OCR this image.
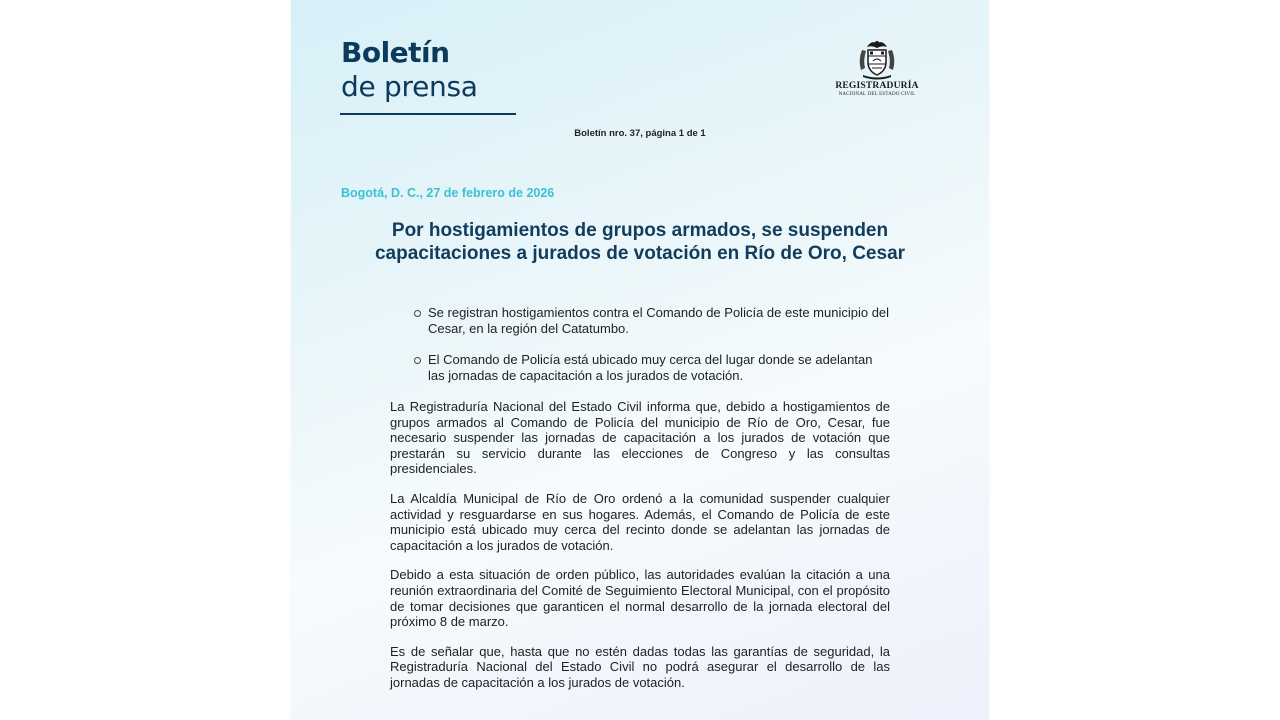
Boletín
de prensa	REGISTRADURÍA
NACIONAL DEL ESTADO CIVIL
Boletín nro. 37, página 1 de 1
Bogotá, D. C., 27 de febrero de 2026
Por hostigamientos de grupos armados, se suspenden capacitaciones a jurados de votación en Río de Oro, Cesar
Se registran hostigamientos contra el Comando de Policía de este municipio del Cesar, en la región del Catatumbo.
El Comando de Policía está ubicado muy cerca del lugar donde se adelantan las jornadas de capacitación a los jurados de votación.

La Registraduría Nacional del Estado Civil informa que, debido a hostigamientos de grupos armados al Comando de Policía del municipio de Río de Oro, Cesar, fue necesario suspender las jornadas de capacitación a los jurados de votación que prestarán su servicio durante las elecciones de Congreso y las consultas presidenciales.

La Alcaldía Municipal de Río de Oro ordenó a la comunidad suspender cualquier actividad y resguardarse en sus hogares. Además, el Comando de Policía de este municipio está ubicado muy cerca del recinto donde se adelantan las jornadas de capacitación a los jurados de votación.

Debido a esta situación de orden público, las autoridades evalúan la citación a una reunión extraordinaria del Comité de Seguimiento Electoral Municipal, con el propósito de tomar decisiones que garanticen el normal desarrollo de la jornada electoral del próximo 8 de marzo.

Es de señalar que, hasta que no estén dadas todas las garantías de seguridad, la Registraduría Nacional del Estado Civil no podrá asegurar el desarrollo de las jornadas de capacitación a los jurados de votación.
